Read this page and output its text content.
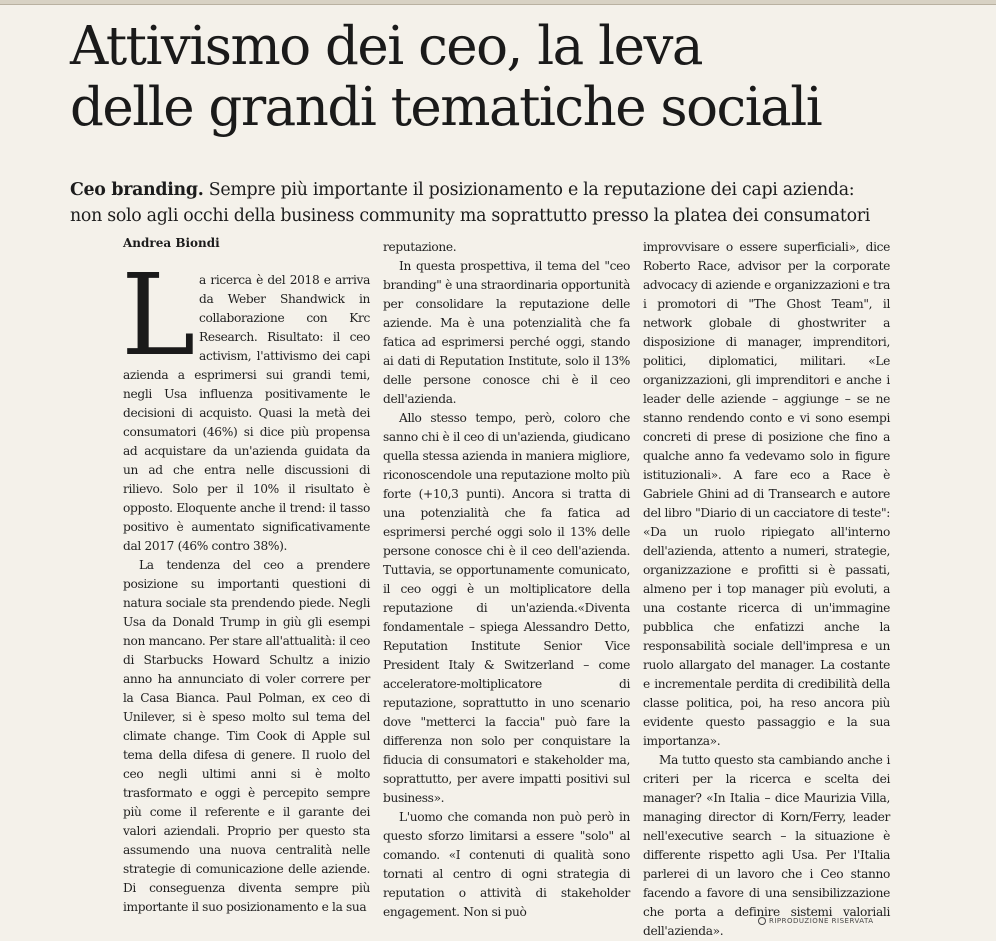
Attivismo dei ceo, la leva
delle grandi tematiche sociali

Ceo branding. Sempre più importante il posizionamento e la reputazione dei capi azienda:
non solo agli occhi della business community ma soprattutto presso la platea dei consumatori

Andrea Biondi

La ricerca è del 2018 e arriva da Weber Shandwick in collaborazione con Krc Research. Risultato: il ceo activism, l'attivismo dei capi azienda a esprimersi sui grandi temi, negli Usa influenza positivamente le decisioni di acquisto. Quasi la metà dei consumatori (46%) si dice più propensa ad acquistare da un'azienda guidata da un ad che entra nelle discussioni di rilievo. Solo per il 10% il risultato è opposto. Eloquente anche il trend: il tasso positivo è aumentato significativamente dal 2017 (46% contro 38%).

La tendenza del ceo a prendere posizione su importanti questioni di natura sociale sta prendendo piede. Negli Usa da Donald Trump in giù gli esempi non mancano. Per stare all'attualità: il ceo di Starbucks Howard Schultz a inizio anno ha annunciato di voler correre per la Casa Bianca. Paul Polman, ex ceo di Unilever, si è speso molto sul tema del climate change. Tim Cook di Apple sul tema della difesa di genere. Il ruolo del ceo negli ultimi anni si è molto trasformato e oggi è percepito sempre più come il referente e il garante dei valori aziendali. Proprio per questo sta assumendo una nuova centralità nelle strategie di comunicazione delle aziende. Di conseguenza diventa sempre più importante il suo posizionamento e la sua

reputazione.

In questa prospettiva, il tema del "ceo branding" è una straordinaria opportunità per consolidare la reputazione delle aziende. Ma è una potenzialità che fa fatica ad esprimersi perché oggi, stando ai dati di Reputation Institute, solo il 13% delle persone conosce chi è il ceo dell'azienda.

Allo stesso tempo, però, coloro che sanno chi è il ceo di un'azienda, giudicano quella stessa azienda in maniera migliore, riconoscendole una reputazione molto più forte (+10,3 punti). Ancora si tratta di una potenzialità che fa fatica ad esprimersi perché oggi solo il 13% delle persone conosce chi è il ceo dell'azienda. Tuttavia, se opportunamente comunicato, il ceo oggi è un moltiplicatore della reputazione di un'azienda.«Diventa fondamentale – spiega Alessandro Detto, Reputation Institute Senior Vice President Italy & Switzerland – come acceleratore-moltiplicatore di reputazione, soprattutto in uno scenario dove "metterci la faccia" può fare la differenza non solo per conquistare la fiducia di consumatori e stakeholder ma, soprattutto, per avere impatti positivi sul business».

L'uomo che comanda non può però in questo sforzo limitarsi a essere "solo" al comando. «I contenuti di qualità sono tornati al centro di ogni strategia di reputation o attività di stakeholder engagement. Non si può

improvvisare o essere superficiali», dice Roberto Race, advisor per la corporate advocacy di aziende e organizzazioni e tra i promotori di "The Ghost Team", il network globale di ghostwriter a disposizione di manager, imprenditori, politici, diplomatici, militari. «Le organizzazioni, gli imprenditori e anche i leader delle aziende – aggiunge – se ne stanno rendendo conto e vi sono esempi concreti di prese di posizione che fino a qualche anno fa vedevamo solo in figure istituzionali». A fare eco a Race è Gabriele Ghini ad di Transearch e autore del libro "Diario di un cacciatore di teste": «Da un ruolo ripiegato all'interno dell'azienda, attento a numeri, strategie, organizzazione e profitti si è passati, almeno per i top manager più evoluti, a una costante ricerca di un'immagine pubblica che enfatizzi anche la responsabilità sociale dell'impresa e un ruolo allargato del manager. La costante e incrementale perdita di credibilità della classe politica, poi, ha reso ancora più evidente questo passaggio e la sua importanza».

Ma tutto questo sta cambiando anche i criteri per la ricerca e scelta dei manager? «In Italia – dice Maurizia Villa, managing director di Korn/Ferry, leader nell'executive search – la situazione è differente rispetto agli Usa. Per l'Italia parlerei di un lavoro che i Ceo stanno facendo a favore di una sensibilizzazione che porta a definire sistemi valoriali dell'azienda».

RIPRODUZIONE RISERVATA
